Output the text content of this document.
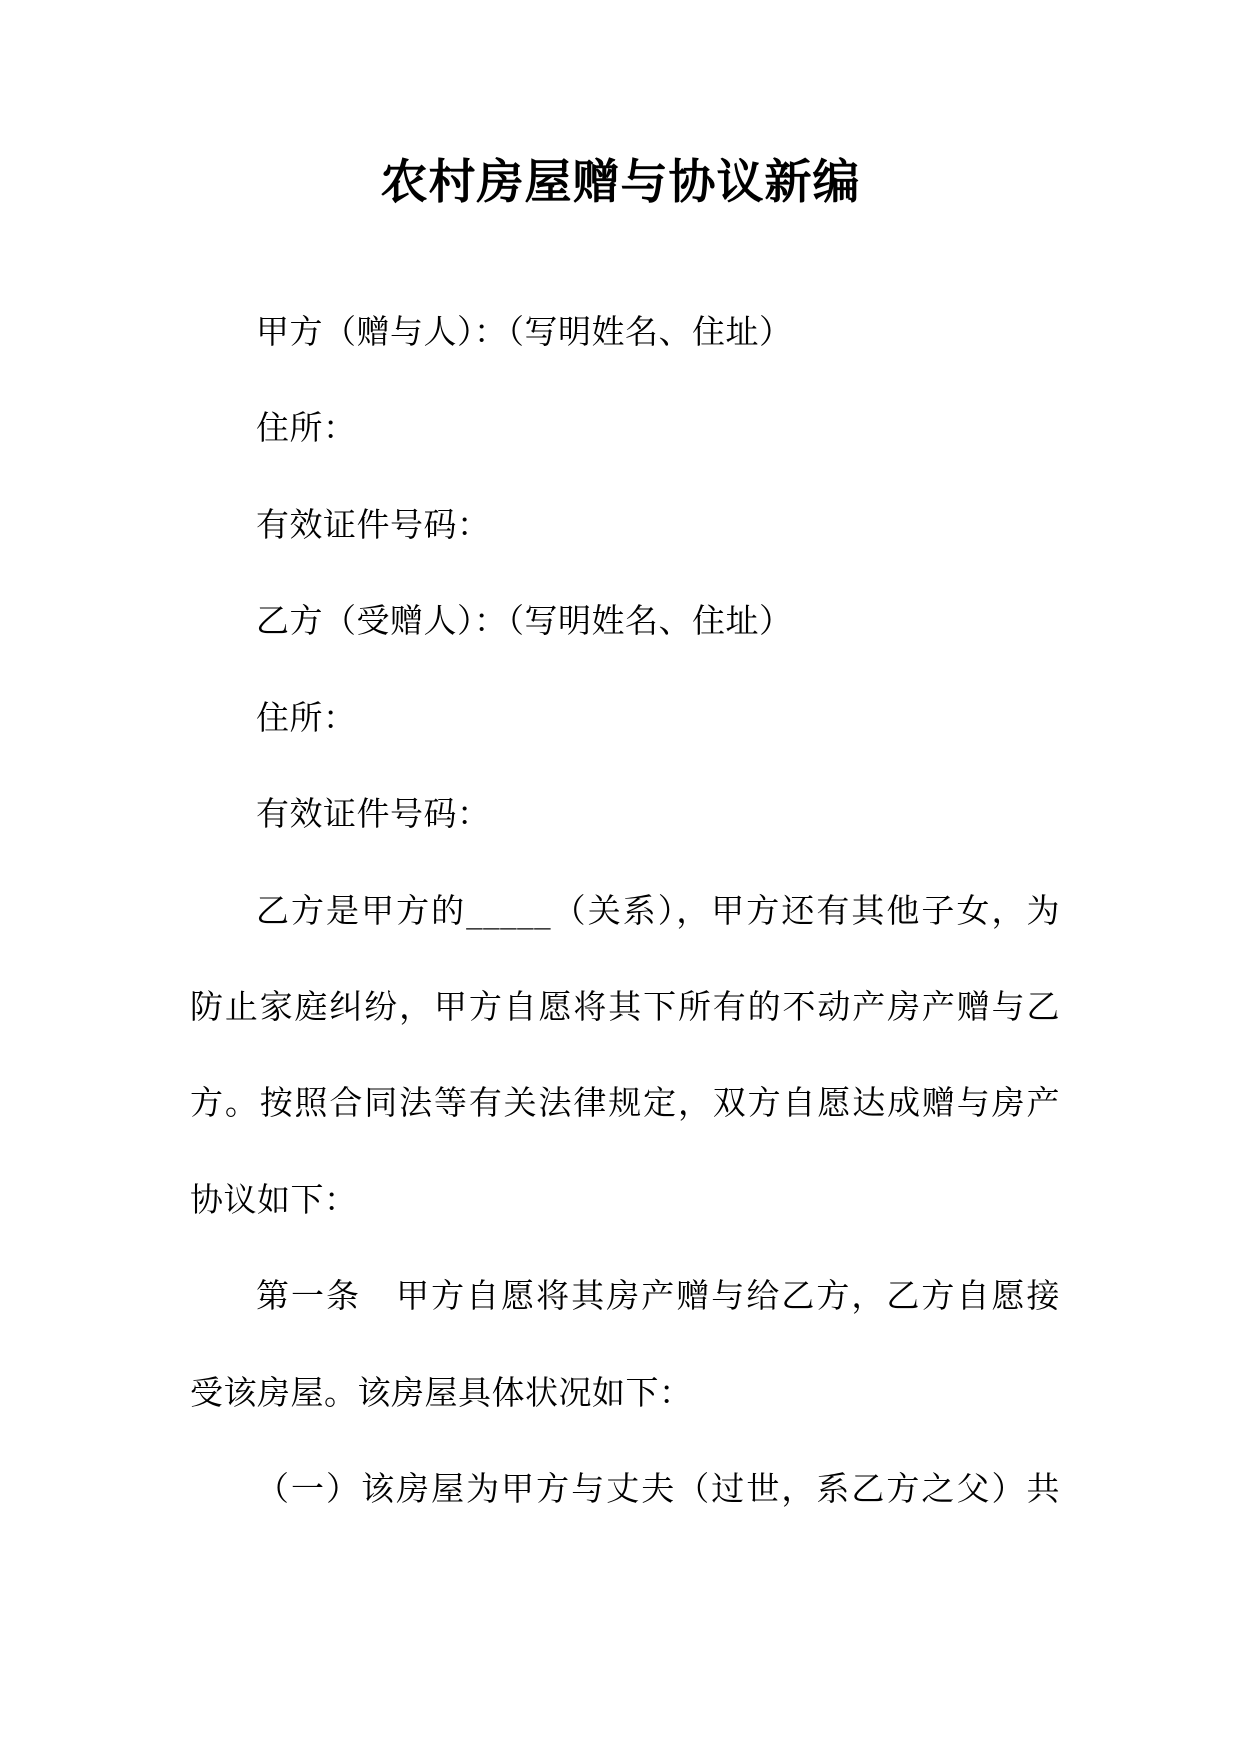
农村房屋赠与协议新编
甲方（赠与人）：（写明姓名、住址）
住所：
有效证件号码：
乙方（受赠人）：（写明姓名、住址）
住所：
有效证件号码：
乙方是甲方的_____（关系），甲方还有其他子女，为
防止家庭纠纷，甲方自愿将其下所有的不动产房产赠与乙
方。按照合同法等有关法律规定，双方自愿达成赠与房产
协议如下：
第一条　甲方自愿将其房产赠与给乙方，乙方自愿接
受该房屋。该房屋具体状况如下：
（一）该房屋为甲方与丈夫（过世，系乙方之父）共
